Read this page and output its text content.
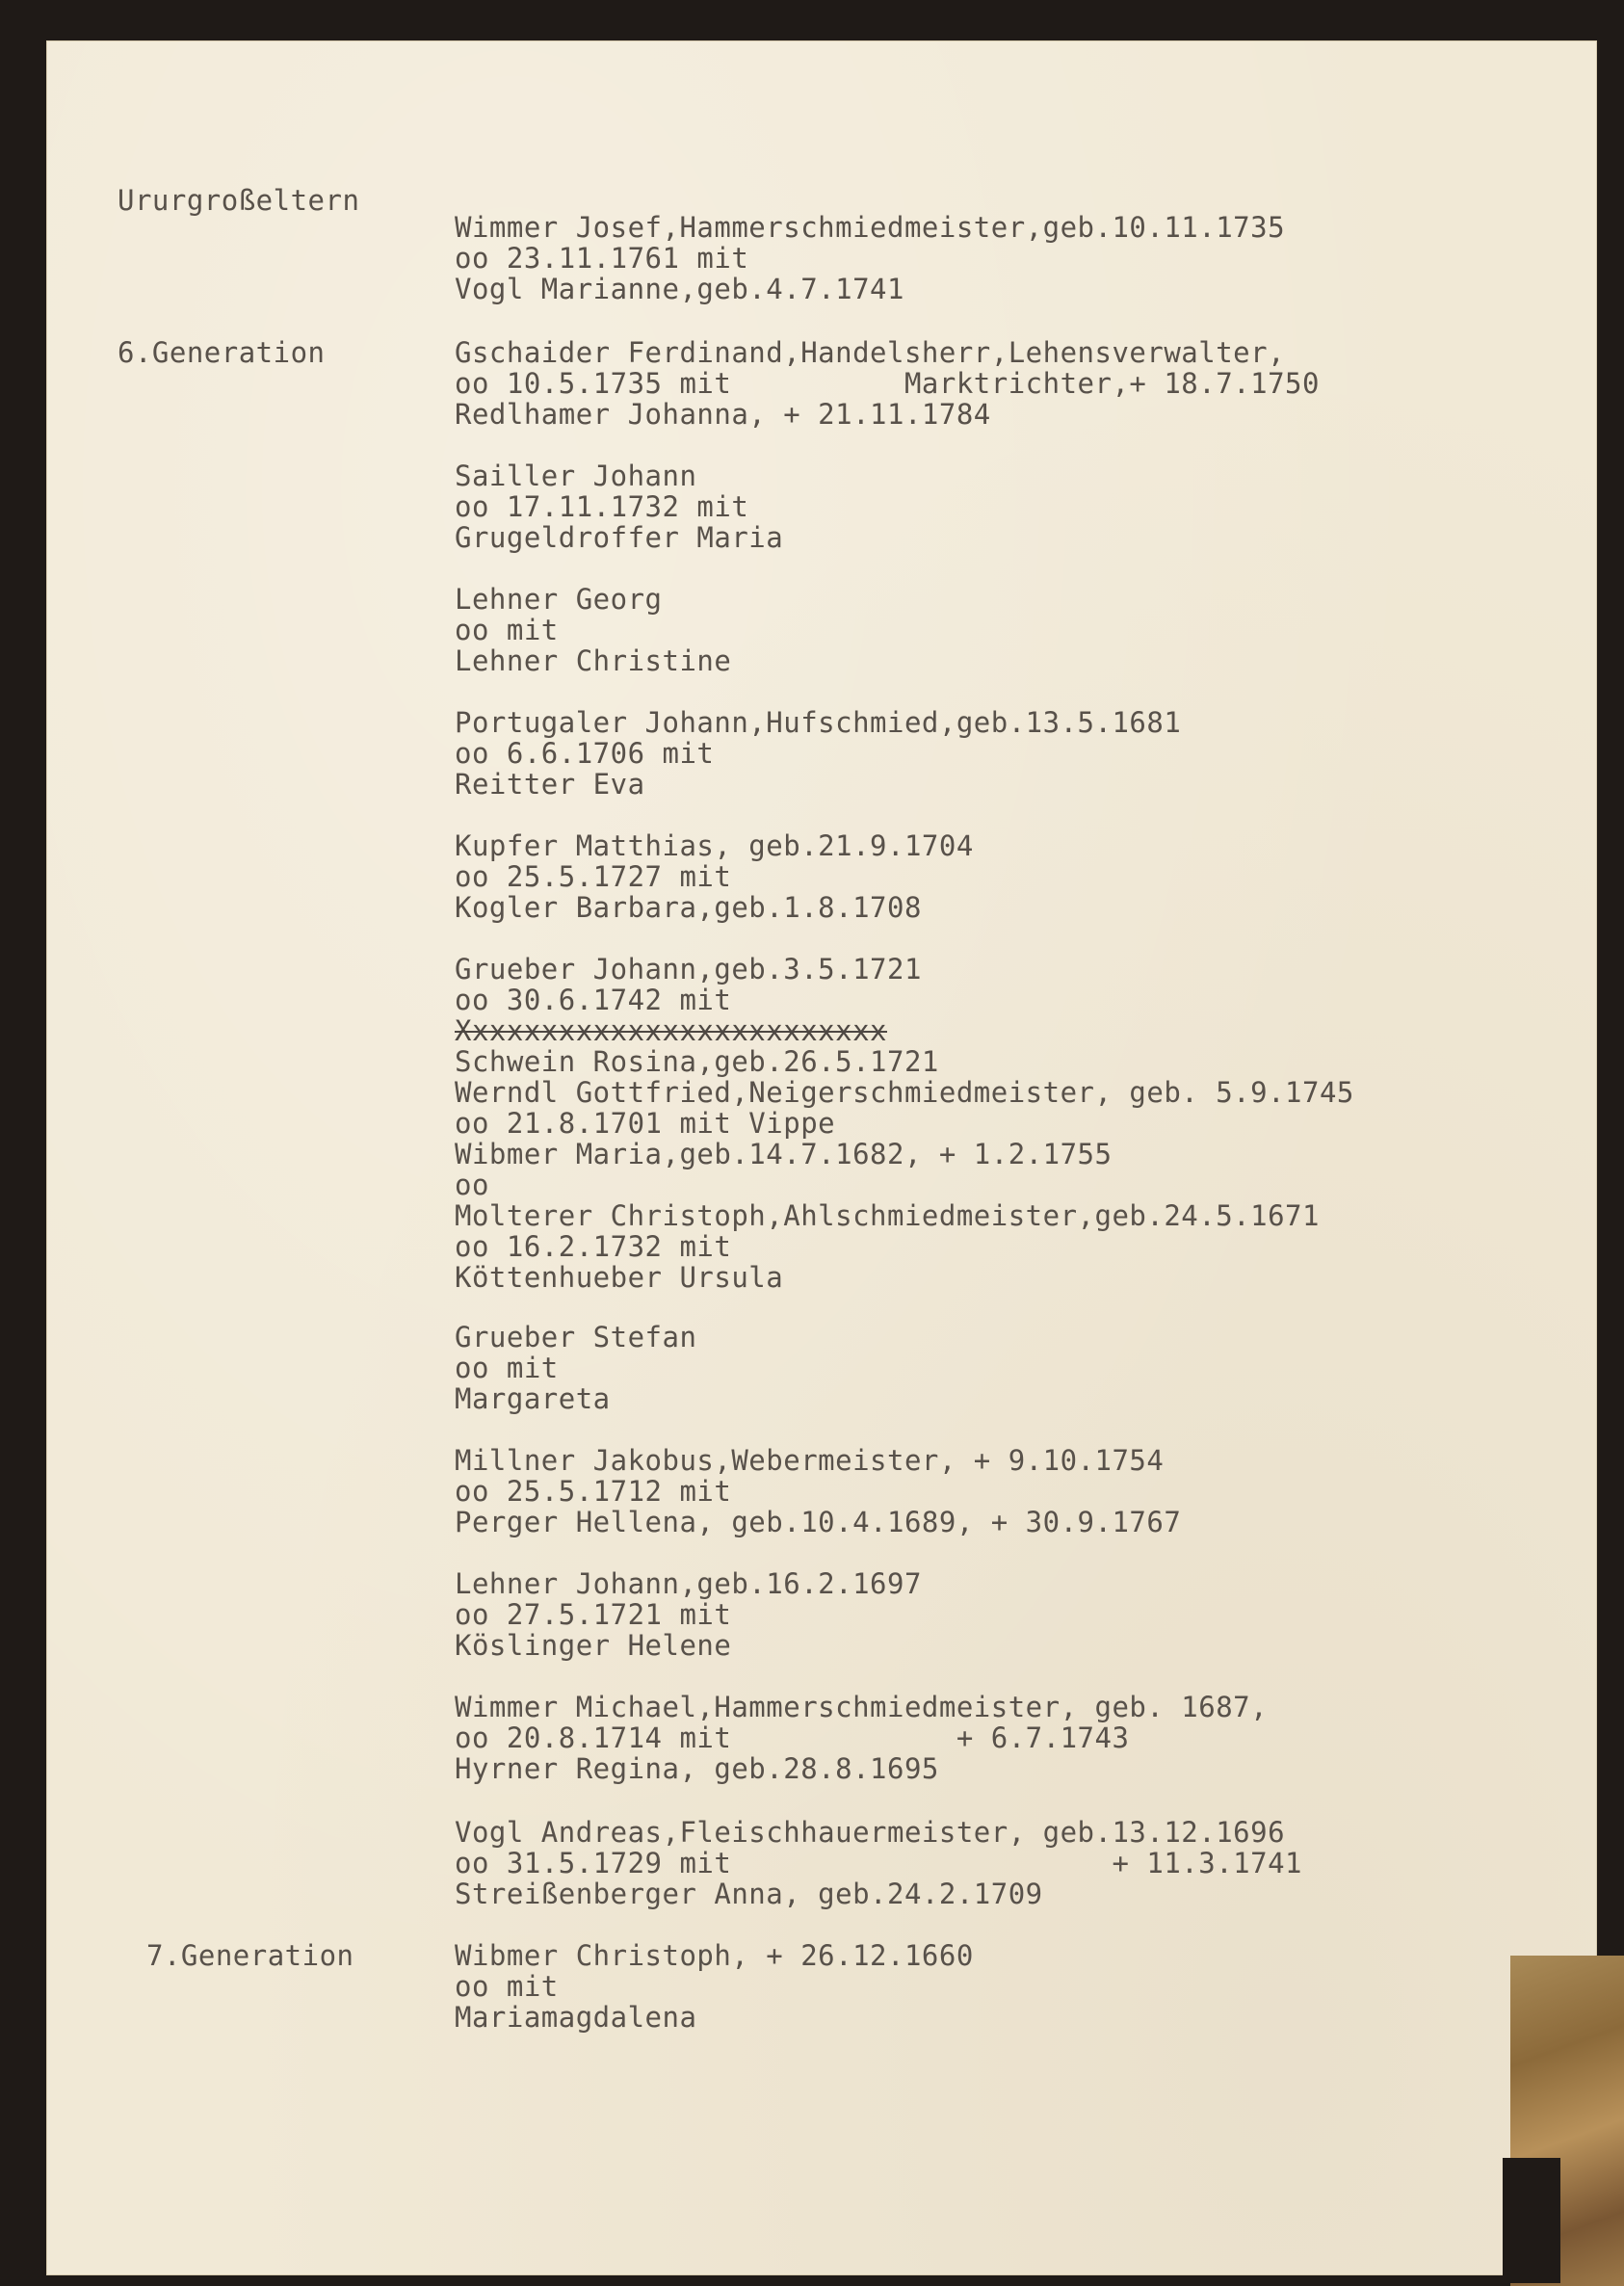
Ururgroßeltern
6.Generation
7.Generation
Wimmer Josef,Hammerschmiedmeister,geb.10.11.1735
oo 23.11.1761 mit
Vogl Marianne,geb.4.7.1741
Gschaider Ferdinand,Handelsherr,Lehensverwalter,
oo 10.5.1735 mit          Marktrichter,+ 18.7.1750
Redlhamer Johanna, + 21.11.1784
Sailler Johann
oo 17.11.1732 mit
Grugeldroffer Maria
Lehner Georg
oo mit
Lehner Christine
Portugaler Johann,Hufschmied,geb.13.5.1681
oo 6.6.1706 mit
Reitter Eva
Kupfer Matthias, geb.21.9.1704
oo 25.5.1727 mit
Kogler Barbara,geb.1.8.1708
Grueber Johann,geb.3.5.1721
oo 30.6.1742 mit
Xxxxxxxxxxxxxxxxxxxxxxxxx
Schwein Rosina,geb.26.5.1721
Werndl Gottfried,Neigerschmiedmeister, geb. 5.9.1745
oo 21.8.1701 mit Vippe
Wibmer Maria,geb.14.7.1682, + 1.2.1755
oo
Molterer Christoph,Ahlschmiedmeister,geb.24.5.1671
oo 16.2.1732 mit
Köttenhueber Ursula
Grueber Stefan
oo mit
Margareta
Millner Jakobus,Webermeister, + 9.10.1754
oo 25.5.1712 mit
Perger Hellena, geb.10.4.1689, + 30.9.1767
Lehner Johann,geb.16.2.1697
oo 27.5.1721 mit
Köslinger Helene
Wimmer Michael,Hammerschmiedmeister, geb. 1687,
oo 20.8.1714 mit             + 6.7.1743
Hyrner Regina, geb.28.8.1695
Vogl Andreas,Fleischhauermeister, geb.13.12.1696
oo 31.5.1729 mit                      + 11.3.1741
Streißenberger Anna, geb.24.2.1709
Wibmer Christoph, + 26.12.1660
oo mit
Mariamagdalena
